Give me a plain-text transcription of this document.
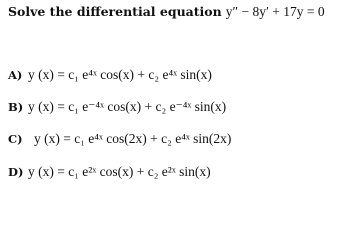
Solve the differential equation y″ − 8y′ + 17y = 0
A) y (x) = c₁ e⁴ˣ cos(x) + c₂ e⁴ˣ sin(x)
B) y (x) = c₁ e⁻⁴ˣ cos(x) + c₂ e⁻⁴ˣ sin(x)
C) y (x) = c₁ e⁴ˣ cos(2x) + c₂ e⁴ˣ sin(2x)
D) y (x) = c₁ e²ˣ cos(x) + c₂ e²ˣ sin(x)
